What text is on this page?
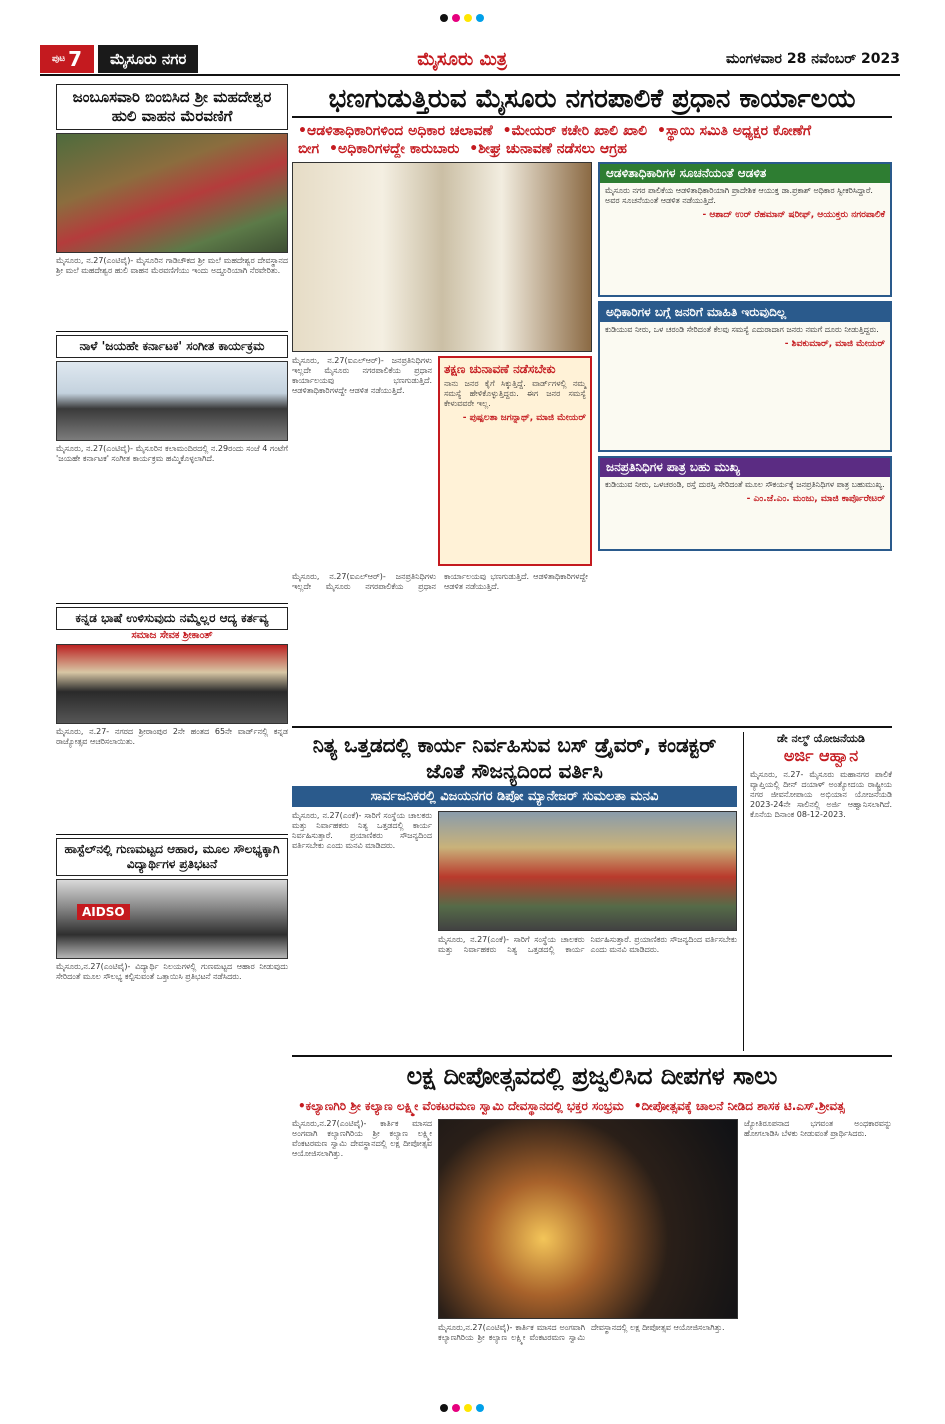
ಪುಟ 7	ಮೈಸೂರು ನಗರ	ಮೈಸೂರು ಮಿತ್ರ	ಮಂಗಳವಾರ 28 ನವೆಂಬರ್ 2023
ಜಂಬೂಸವಾರಿ ಬಿಂಬಿಸಿದ ಶ್ರೀ ಮಹದೇಶ್ವರ ಹುಲಿ ವಾಹನ ಮೆರವಣಿಗೆ

ಮೈಸೂರು, ನ.27(ಎಂಟಿವೈ)- ಮೈಸೂರಿನ ಗಾಡಿಚೌಕದ ಶ್ರೀ ಮಲೆ ಮಹದೇಶ್ವರ ದೇವಸ್ಥಾನದ ಶ್ರೀ ಮಲೆ ಮಹದೇಶ್ವರ ಹುಲಿ ವಾಹನ ಮೆರವಣಿಗೆಯು ಇಂದು ಅದ್ದೂರಿಯಾಗಿ ನೆರವೇರಿತು.

ನಾಳೆ 'ಜಯಹೇ ಕರ್ನಾಟಕ' ಸಂಗೀತ ಕಾರ್ಯಕ್ರಮ

ಮೈಸೂರು, ನ.27(ಎಂಟಿವೈ)- ಮೈಸೂರಿನ ಕಲಾಮಂದಿರದಲ್ಲಿ ನ.29ರಂದು ಸಂಜೆ 4 ಗಂಟೆಗೆ 'ಜಯಹೇ ಕರ್ನಾಟಕ' ಸಂಗೀತ ಕಾರ್ಯಕ್ರಮ ಹಮ್ಮಿಕೊಳ್ಳಲಾಗಿದೆ.

ಕನ್ನಡ ಭಾಷೆ ಉಳಿಸುವುದು ನಮ್ಮೆಲ್ಲರ ಆದ್ಯ ಕರ್ತವ್ಯ
ಸಮಾಜ ಸೇವಕ ಶ್ರೀಕಾಂತ್

ಮೈಸೂರು, ನ.27- ನಗರದ ಶ್ರೀರಾಂಪುರ 2ನೇ ಹಂತದ 65ನೇ ವಾರ್ಡ್‌ನಲ್ಲಿ ಕನ್ನಡ ರಾಜ್ಯೋತ್ಸವ ಆಚರಿಸಲಾಯಿತು.

ಹಾಸ್ಟೆಲ್‌ನಲ್ಲಿ ಗುಣಮಟ್ಟದ ಆಹಾರ, ಮೂಲ ಸೌಲಭ್ಯಕ್ಕಾಗಿ ವಿದ್ಯಾರ್ಥಿಗಳ ಪ್ರತಿಭಟನೆ
AIDSO

ಮೈಸೂರು,ನ.27(ಎಂಟಿವೈ)- ವಿದ್ಯಾರ್ಥಿ ನಿಲಯಗಳಲ್ಲಿ ಗುಣಮಟ್ಟದ ಆಹಾರ ನೀಡುವುದು ಸೇರಿದಂತೆ ಮೂಲ ಸೌಲಭ್ಯ ಕಲ್ಪಿಸುವಂತೆ ಒತ್ತಾಯಿಸಿ ಪ್ರತಿಭಟನೆ ನಡೆಸಿದರು.

ಭಣಗುಡುತ್ತಿರುವ ಮೈಸೂರು ನಗರಪಾಲಿಕೆ ಪ್ರಧಾನ ಕಾರ್ಯಾಲಯ
•ಆಡಳಿತಾಧಿಕಾರಿಗಳಿಂದ ಅಧಿಕಾರ ಚಲಾವಣೆ •ಮೇಯರ್ ಕಚೇರಿ ಖಾಲಿ ಖಾಲಿ •ಸ್ಥಾಯಿ ಸಮಿತಿ ಅಧ್ಯಕ್ಷರ ಕೋಣೆಗೆ ಬೀಗ •ಅಧಿಕಾರಿಗಳದ್ದೇ ಕಾರುಬಾರು •ಶೀಘ್ರ ಚುನಾವಣೆ ನಡೆಸಲು ಆಗ್ರಹ

ಮೈಸೂರು, ನ.27(ಐಎಲ್‌ಆರ್)- ಜನಪ್ರತಿನಿಧಿಗಳು ಇಲ್ಲದೇ ಮೈಸೂರು ನಗರಪಾಲಿಕೆಯ ಪ್ರಧಾನ ಕಾರ್ಯಾಲಯವು ಭಣಗುಡುತ್ತಿದೆ. ಆಡಳಿತಾಧಿಕಾರಿಗಳದ್ದೇ ಆಡಳಿತ ನಡೆಯುತ್ತಿದೆ.

ತಕ್ಷಣ ಚುನಾವಣೆ ನಡೆಸಬೇಕು
ನಾನು ಜನರ ಕೈಗೆ ಸಿಕ್ಕುತ್ತಿದ್ದೆ. ವಾರ್ಡ್‌ಗಳಲ್ಲಿ ನಮ್ಮ ಸಮಸ್ಯೆ ಹೇಳಿಕೊಳ್ಳುತ್ತಿದ್ದರು. ಈಗ ಜನರ ಸಮಸ್ಯೆ ಕೇಳುವವರೇ ಇಲ್ಲ.
- ಪುಷ್ಪಲತಾ ಜಗನ್ನಾಥ್, ಮಾಜಿ ಮೇಯರ್
ಆಡಳಿತಾಧಿಕಾರಿಗಳ ಸೂಚನೆಯಂತೆ ಆಡಳಿತ

ಮೈಸೂರು ನಗರ ಪಾಲಿಕೆಯ ಆಡಳಿತಾಧಿಕಾರಿಯಾಗಿ ಪ್ರಾದೇಶಿಕ ಆಯುಕ್ತ ಡಾ.ಪ್ರಕಾಶ್ ಅಧಿಕಾರ ಸ್ವೀಕರಿಸಿದ್ದಾರೆ. ಅವರ ಸೂಚನೆಯಂತೆ ಆಡಳಿತ ನಡೆಯುತ್ತಿದೆ.

- ಆಶಾದ್ ಉರ್ ರೆಹಮಾನ್ ಷರೀಫ್, ಆಯುಕ್ತರು ನಗರಪಾಲಿಕೆ

ಅಧಿಕಾರಿಗಳ ಬಗ್ಗೆ ಜನರಿಗೆ ಮಾಹಿತಿ ಇರುವುದಿಲ್ಲ

ಕುಡಿಯುವ ನೀರು, ಒಳ ಚರಂಡಿ ಸೇರಿದಂತೆ ಕೆಲವು ಸಮಸ್ಯೆ ಎದುರಾದಾಗ ಜನರು ನಮಗೆ ದೂರು ನೀಡುತ್ತಿದ್ದರು.

- ಶಿವಕುಮಾರ್, ಮಾಜಿ ಮೇಯರ್

ಜನಪ್ರತಿನಿಧಿಗಳ ಪಾತ್ರ ಬಹು ಮುಖ್ಯ

ಕುಡಿಯುವ ನೀರು, ಒಳಚರಂಡಿ, ರಸ್ತೆ ದುರಸ್ತಿ ಸೇರಿದಂತೆ ಮೂಲ ಸೌಕರ್ಯಕ್ಕೆ ಜನಪ್ರತಿನಿಧಿಗಳ ಪಾತ್ರ ಬಹುಮುಖ್ಯ.

- ಎಂ.ಜೆ.ಎಂ. ಮಂಜು, ಮಾಜಿ ಕಾರ್ಪೊರೇಟರ್

ಮೈಸೂರು, ನ.27(ಐಎಲ್‌ಆರ್)- ಜನಪ್ರತಿನಿಧಿಗಳು ಇಲ್ಲದೇ ಮೈಸೂರು ನಗರಪಾಲಿಕೆಯ ಪ್ರಧಾನ ಕಾರ್ಯಾಲಯವು ಭಣಗುಡುತ್ತಿದೆ. ಆಡಳಿತಾಧಿಕಾರಿಗಳದ್ದೇ ಆಡಳಿತ ನಡೆಯುತ್ತಿದೆ.

ನಿತ್ಯ ಒತ್ತಡದಲ್ಲಿ ಕಾರ್ಯ ನಿರ್ವಹಿಸುವ ಬಸ್ ಡ್ರೈವರ್, ಕಂಡಕ್ಟರ್ ಜೊತೆ ಸೌಜನ್ಯದಿಂದ ವರ್ತಿಸಿ
ಸಾರ್ವಜನಿಕರಲ್ಲಿ ವಿಜಯನಗರ ಡಿಪೋ ಮ್ಯಾನೇಜರ್ ಸುಮಲತಾ ಮನವಿ

ಮೈಸೂರು, ನ.27(ಎಂಕೆ)- ಸಾರಿಗೆ ಸಂಸ್ಥೆಯ ಚಾಲಕರು ಮತ್ತು ನಿರ್ವಾಹಕರು ನಿತ್ಯ ಒತ್ತಡದಲ್ಲಿ ಕಾರ್ಯ ನಿರ್ವಹಿಸುತ್ತಾರೆ. ಪ್ರಯಾಣಿಕರು ಸೌಜನ್ಯದಿಂದ ವರ್ತಿಸಬೇಕು ಎಂದು ಮನವಿ ಮಾಡಿದರು.

ಮೈಸೂರು, ನ.27(ಎಂಕೆ)- ಸಾರಿಗೆ ಸಂಸ್ಥೆಯ ಚಾಲಕರು ಮತ್ತು ನಿರ್ವಾಹಕರು ನಿತ್ಯ ಒತ್ತಡದಲ್ಲಿ ಕಾರ್ಯ ನಿರ್ವಹಿಸುತ್ತಾರೆ. ಪ್ರಯಾಣಿಕರು ಸೌಜನ್ಯದಿಂದ ವರ್ತಿಸಬೇಕು ಎಂದು ಮನವಿ ಮಾಡಿದರು.

ಡೇ ನಲ್ಮ್ ಯೋಜನೆಯಡಿ
ಅರ್ಜಿ ಆಹ್ವಾನ

ಮೈಸೂರು, ನ.27- ಮೈಸೂರು ಮಹಾನಗರ ಪಾಲಿಕೆ ವ್ಯಾಪ್ತಿಯಲ್ಲಿ ದೀನ್ ದಯಾಳ್ ಅಂತ್ಯೋದಯ ರಾಷ್ಟ್ರೀಯ ನಗರ ಜೀವನೋಪಾಯ ಅಭಿಯಾನ ಯೋಜನೆಯಡಿ 2023-24ನೇ ಸಾಲಿನಲ್ಲಿ ಅರ್ಜಿ ಆಹ್ವಾನಿಸಲಾಗಿದೆ. ಕೊನೆಯ ದಿನಾಂಕ 08-12-2023.

ಲಕ್ಷ ದೀಪೋತ್ಸವದಲ್ಲಿ ಪ್ರಜ್ವಲಿಸಿದ ದೀಪಗಳ ಸಾಲು
•ಕಲ್ಯಾಣಗಿರಿ ಶ್ರೀ ಕಲ್ಯಾಣ ಲಕ್ಷ್ಮೀ ವೆಂಕಟರಮಣ ಸ್ವಾಮಿ ದೇವಸ್ಥಾನದಲ್ಲಿ ಭಕ್ತರ ಸಂಭ್ರಮ •ದೀಪೋತ್ಸವಕ್ಕೆ ಚಾಲನೆ ನೀಡಿದ ಶಾಸಕ ಟಿ.ಎಸ್.ಶ್ರೀವತ್ಸ

ಮೈಸೂರು,ನ.27(ಎಂಟಿವೈ)- ಕಾರ್ತಿಕ ಮಾಸದ ಅಂಗವಾಗಿ ಕಲ್ಯಾಣಗಿರಿಯ ಶ್ರೀ ಕಲ್ಯಾಣ ಲಕ್ಷ್ಮೀ ವೆಂಕಟರಮಣ ಸ್ವಾಮಿ ದೇವಸ್ಥಾನದಲ್ಲಿ ಲಕ್ಷ ದೀಪೋತ್ಸವ ಆಯೋಜಿಸಲಾಗಿತ್ತು.

ಮೈಸೂರು,ನ.27(ಎಂಟಿವೈ)- ಕಾರ್ತಿಕ ಮಾಸದ ಅಂಗವಾಗಿ ಕಲ್ಯಾಣಗಿರಿಯ ಶ್ರೀ ಕಲ್ಯಾಣ ಲಕ್ಷ್ಮೀ ವೆಂಕಟರಮಣ ಸ್ವಾಮಿ ದೇವಸ್ಥಾನದಲ್ಲಿ ಲಕ್ಷ ದೀಪೋತ್ಸವ ಆಯೋಜಿಸಲಾಗಿತ್ತು.

ಜ್ಯೋತಿರೂಪನಾದ ಭಗವಂತ ಅಂಧಕಾರವನ್ನು ಹೋಗಲಾಡಿಸಿ ಬೆಳಕು ನೀಡುವಂತೆ ಪ್ರಾರ್ಥಿಸಿದರು.
